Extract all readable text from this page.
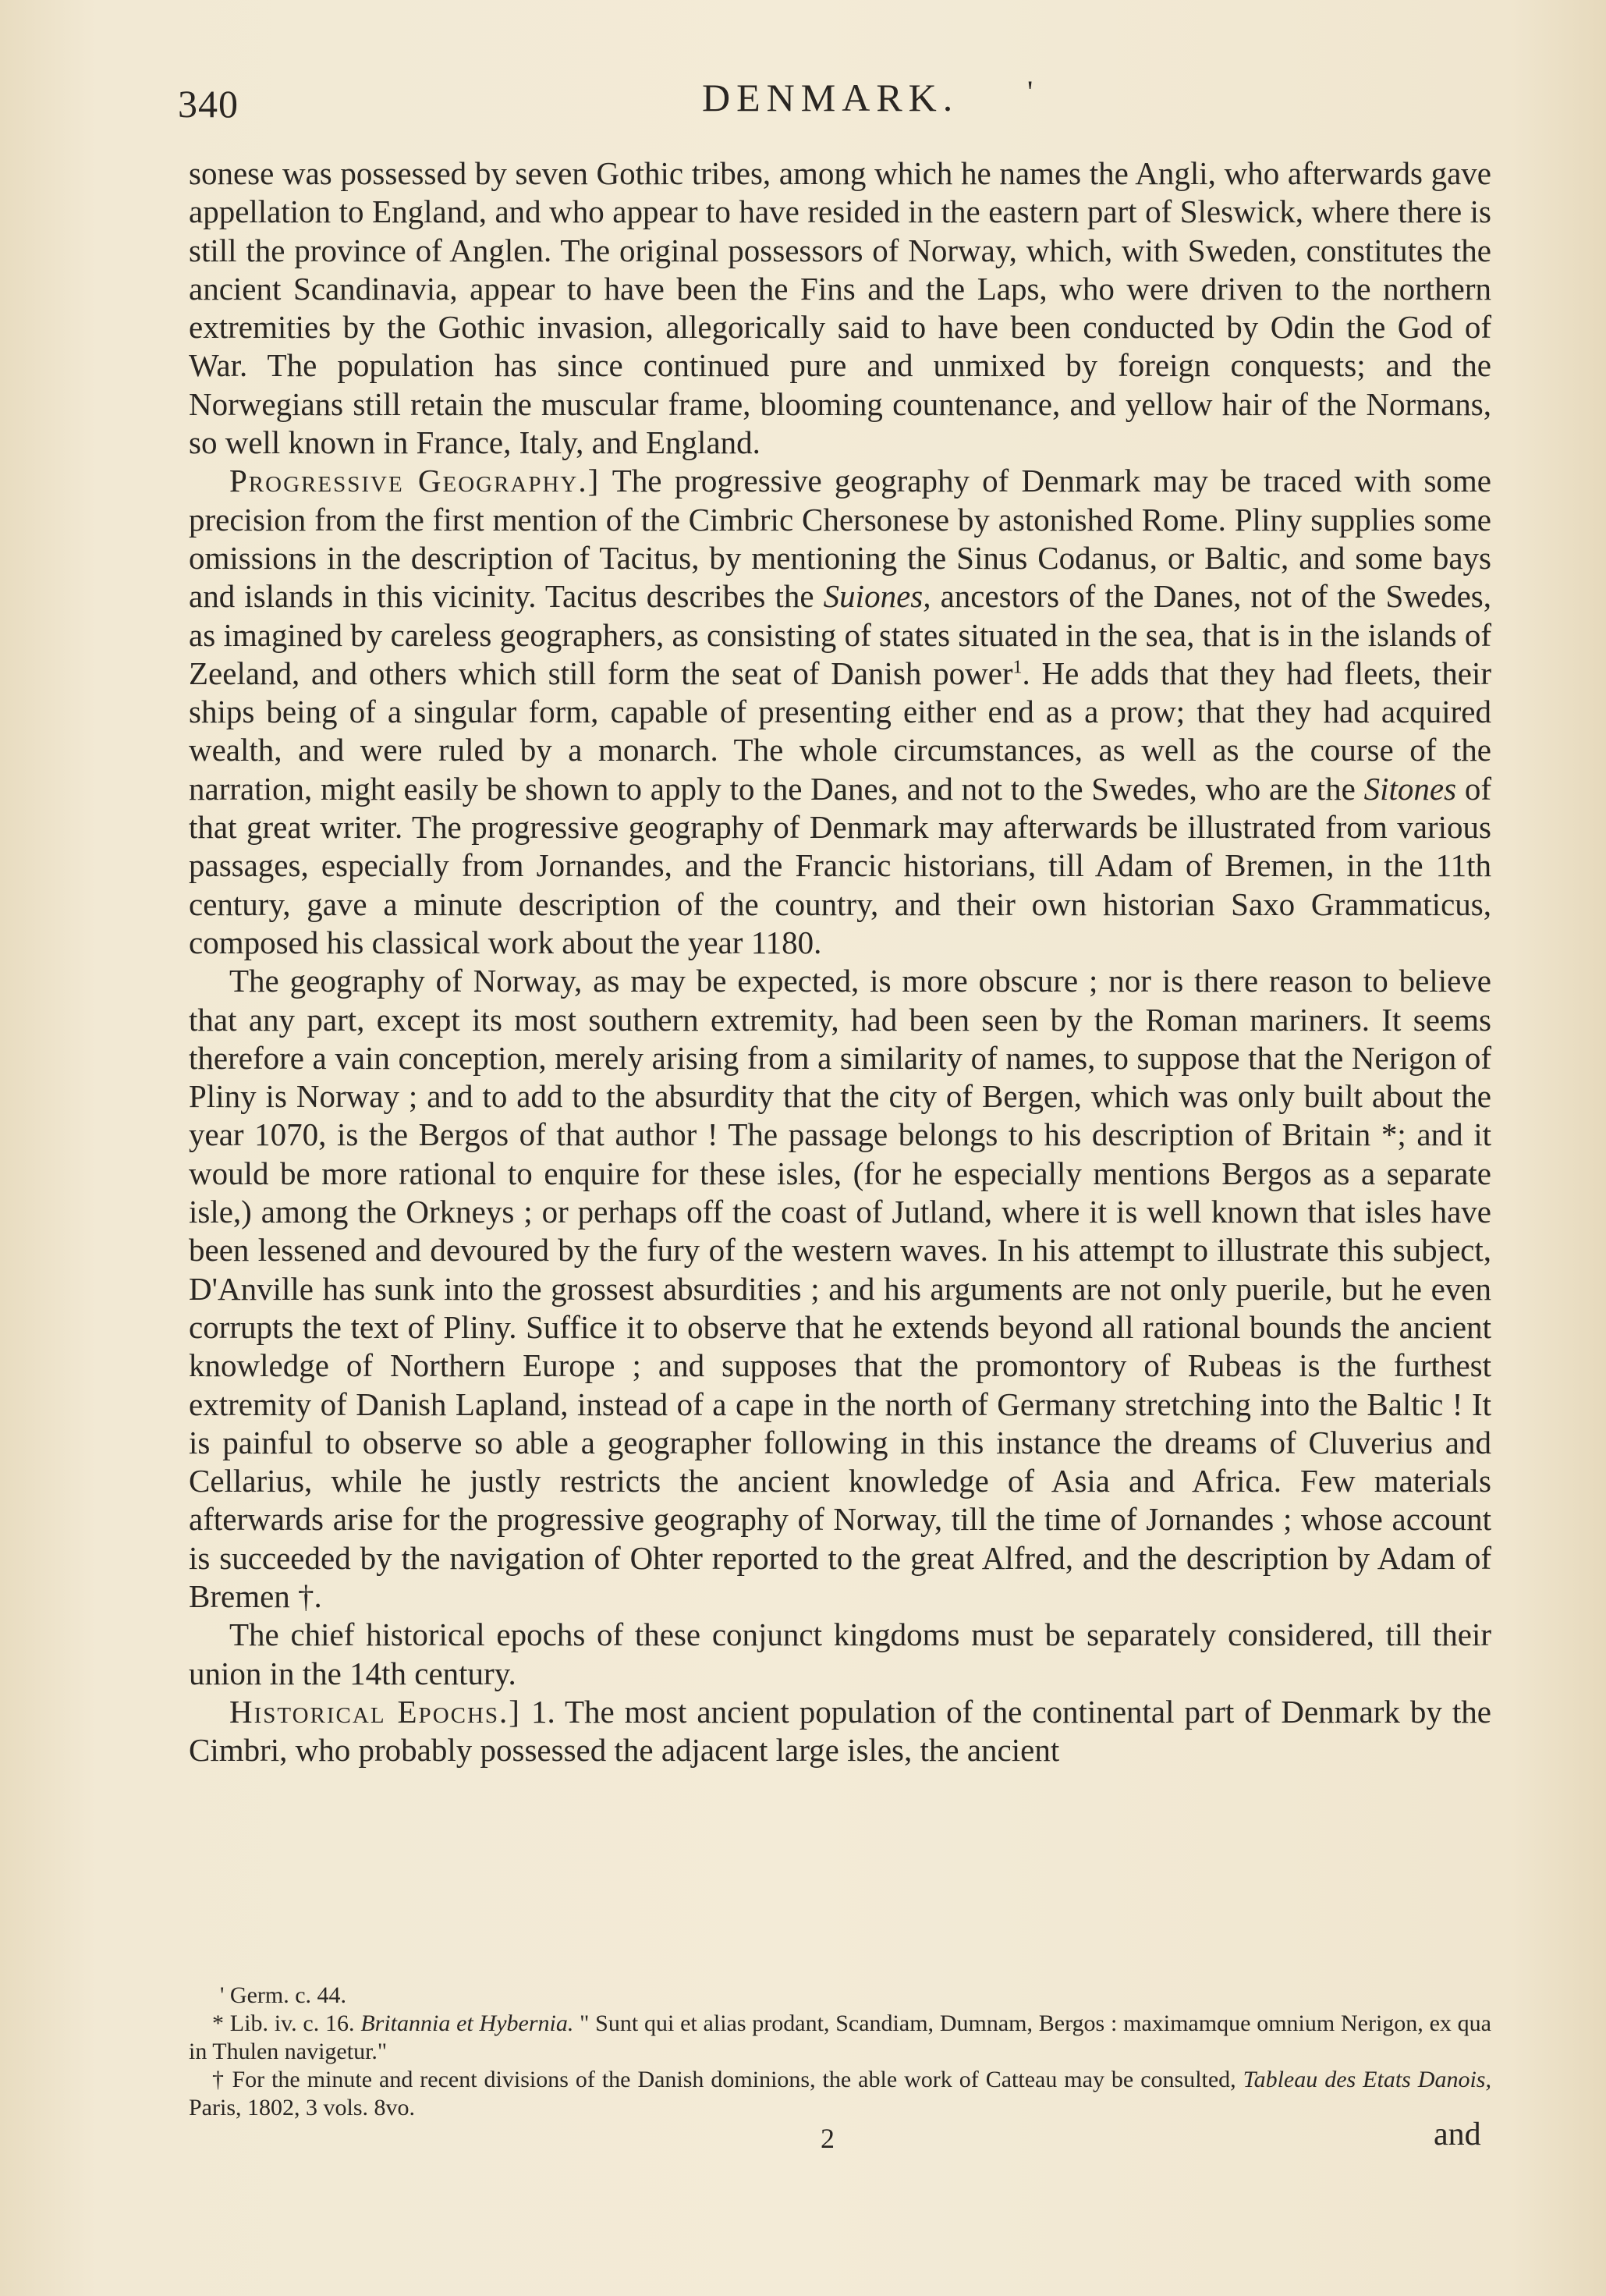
340	DENMARK. '

sonese was possessed by seven Gothic tribes, among which he names the Angli, who afterwards gave appellation to England, and who appear to have resided in the eastern part of Sleswick, where there is still the province of Anglen. The original possessors of Norway, which, with Sweden, constitutes the ancient Scandinavia, appear to have been the Fins and the Laps, who were driven to the northern extremities by the Gothic invasion, allegorically said to have been conducted by Odin the God of War. The population has since continued pure and unmixed by foreign conquests; and the Norwegians still retain the muscular frame, blooming countenance, and yellow hair of the Normans, so well known in France, Italy, and England.

Progressive Geography.] The progressive geography of Denmark may be traced with some precision from the first mention of the Cimbric Chersonese by astonished Rome. Pliny supplies some omissions in the description of Tacitus, by mentioning the Sinus Codanus, or Baltic, and some bays and islands in this vicinity. Tacitus describes the Suiones, ancestors of the Danes, not of the Swedes, as imagined by careless geographers, as consisting of states situated in the sea, that is in the islands of Zeeland, and others which still form the seat of Danish power$^1$. He adds that they had fleets, their ships being of a singular form, capable of presenting either end as a prow; that they had acquired wealth, and were ruled by a monarch. The whole circumstances, as well as the course of the narration, might easily be shown to apply to the Danes, and not to the Swedes, who are the Sitones of that great writer. The progressive geography of Denmark may afterwards be illustrated from various passages, especially from Jornandes, and the Francic historians, till Adam of Bremen, in the 11th century, gave a minute description of the country, and their own historian Saxo Grammaticus, composed his classical work about the year 1180.

The geography of Norway, as may be expected, is more obscure ; nor is there reason to believe that any part, except its most southern extremity, had been seen by the Roman mariners. It seems therefore a vain conception, merely arising from a similarity of names, to suppose that the Nerigon of Pliny is Norway ; and to add to the absurdity that the city of Bergen, which was only built about the year 1070, is the Bergos of that author ! The passage belongs to his description of Britain *; and it would be more rational to enquire for these isles, (for he especially mentions Bergos as a separate isle,) among the Orkneys ; or perhaps off the coast of Jutland, where it is well known that isles have been lessened and devoured by the fury of the western waves. In his attempt to illustrate this subject, D'Anville has sunk into the grossest absurdities ; and his arguments are not only puerile, but he even corrupts the text of Pliny. Suffice it to observe that he extends beyond all rational bounds the ancient knowledge of Northern Europe ; and supposes that the promontory of Rubeas is the furthest extremity of Danish Lapland, instead of a cape in the north of Germany stretching into the Baltic ! It is painful to observe so able a geographer following in this instance the dreams of Cluverius and Cellarius, while he justly restricts the ancient knowledge of Asia and Africa. Few materials afterwards arise for the progressive geography of Norway, till the time of Jornandes ; whose account is succeeded by the navigation of Ohter reported to the great Alfred, and the description by Adam of Bremen †.

The chief historical epochs of these conjunct kingdoms must be separately considered, till their union in the 14th century.

Historical Epochs.] 1. The most ancient population of the continental part of Denmark by the Cimbri, who probably possessed the adjacent large isles, the ancient

' Germ. c. 44.

* Lib. iv. c. 16. Britannia et Hybernia. " Sunt qui et alias prodant, Scandiam, Dumnam, Bergos : maximamque omnium Nerigon, ex qua in Thulen navigetur."

† For the minute and recent divisions of the Danish dominions, the able work of Catteau may be consulted, Tableau des Etats Danois, Paris, 1802, 3 vols. 8vo.

2	and
